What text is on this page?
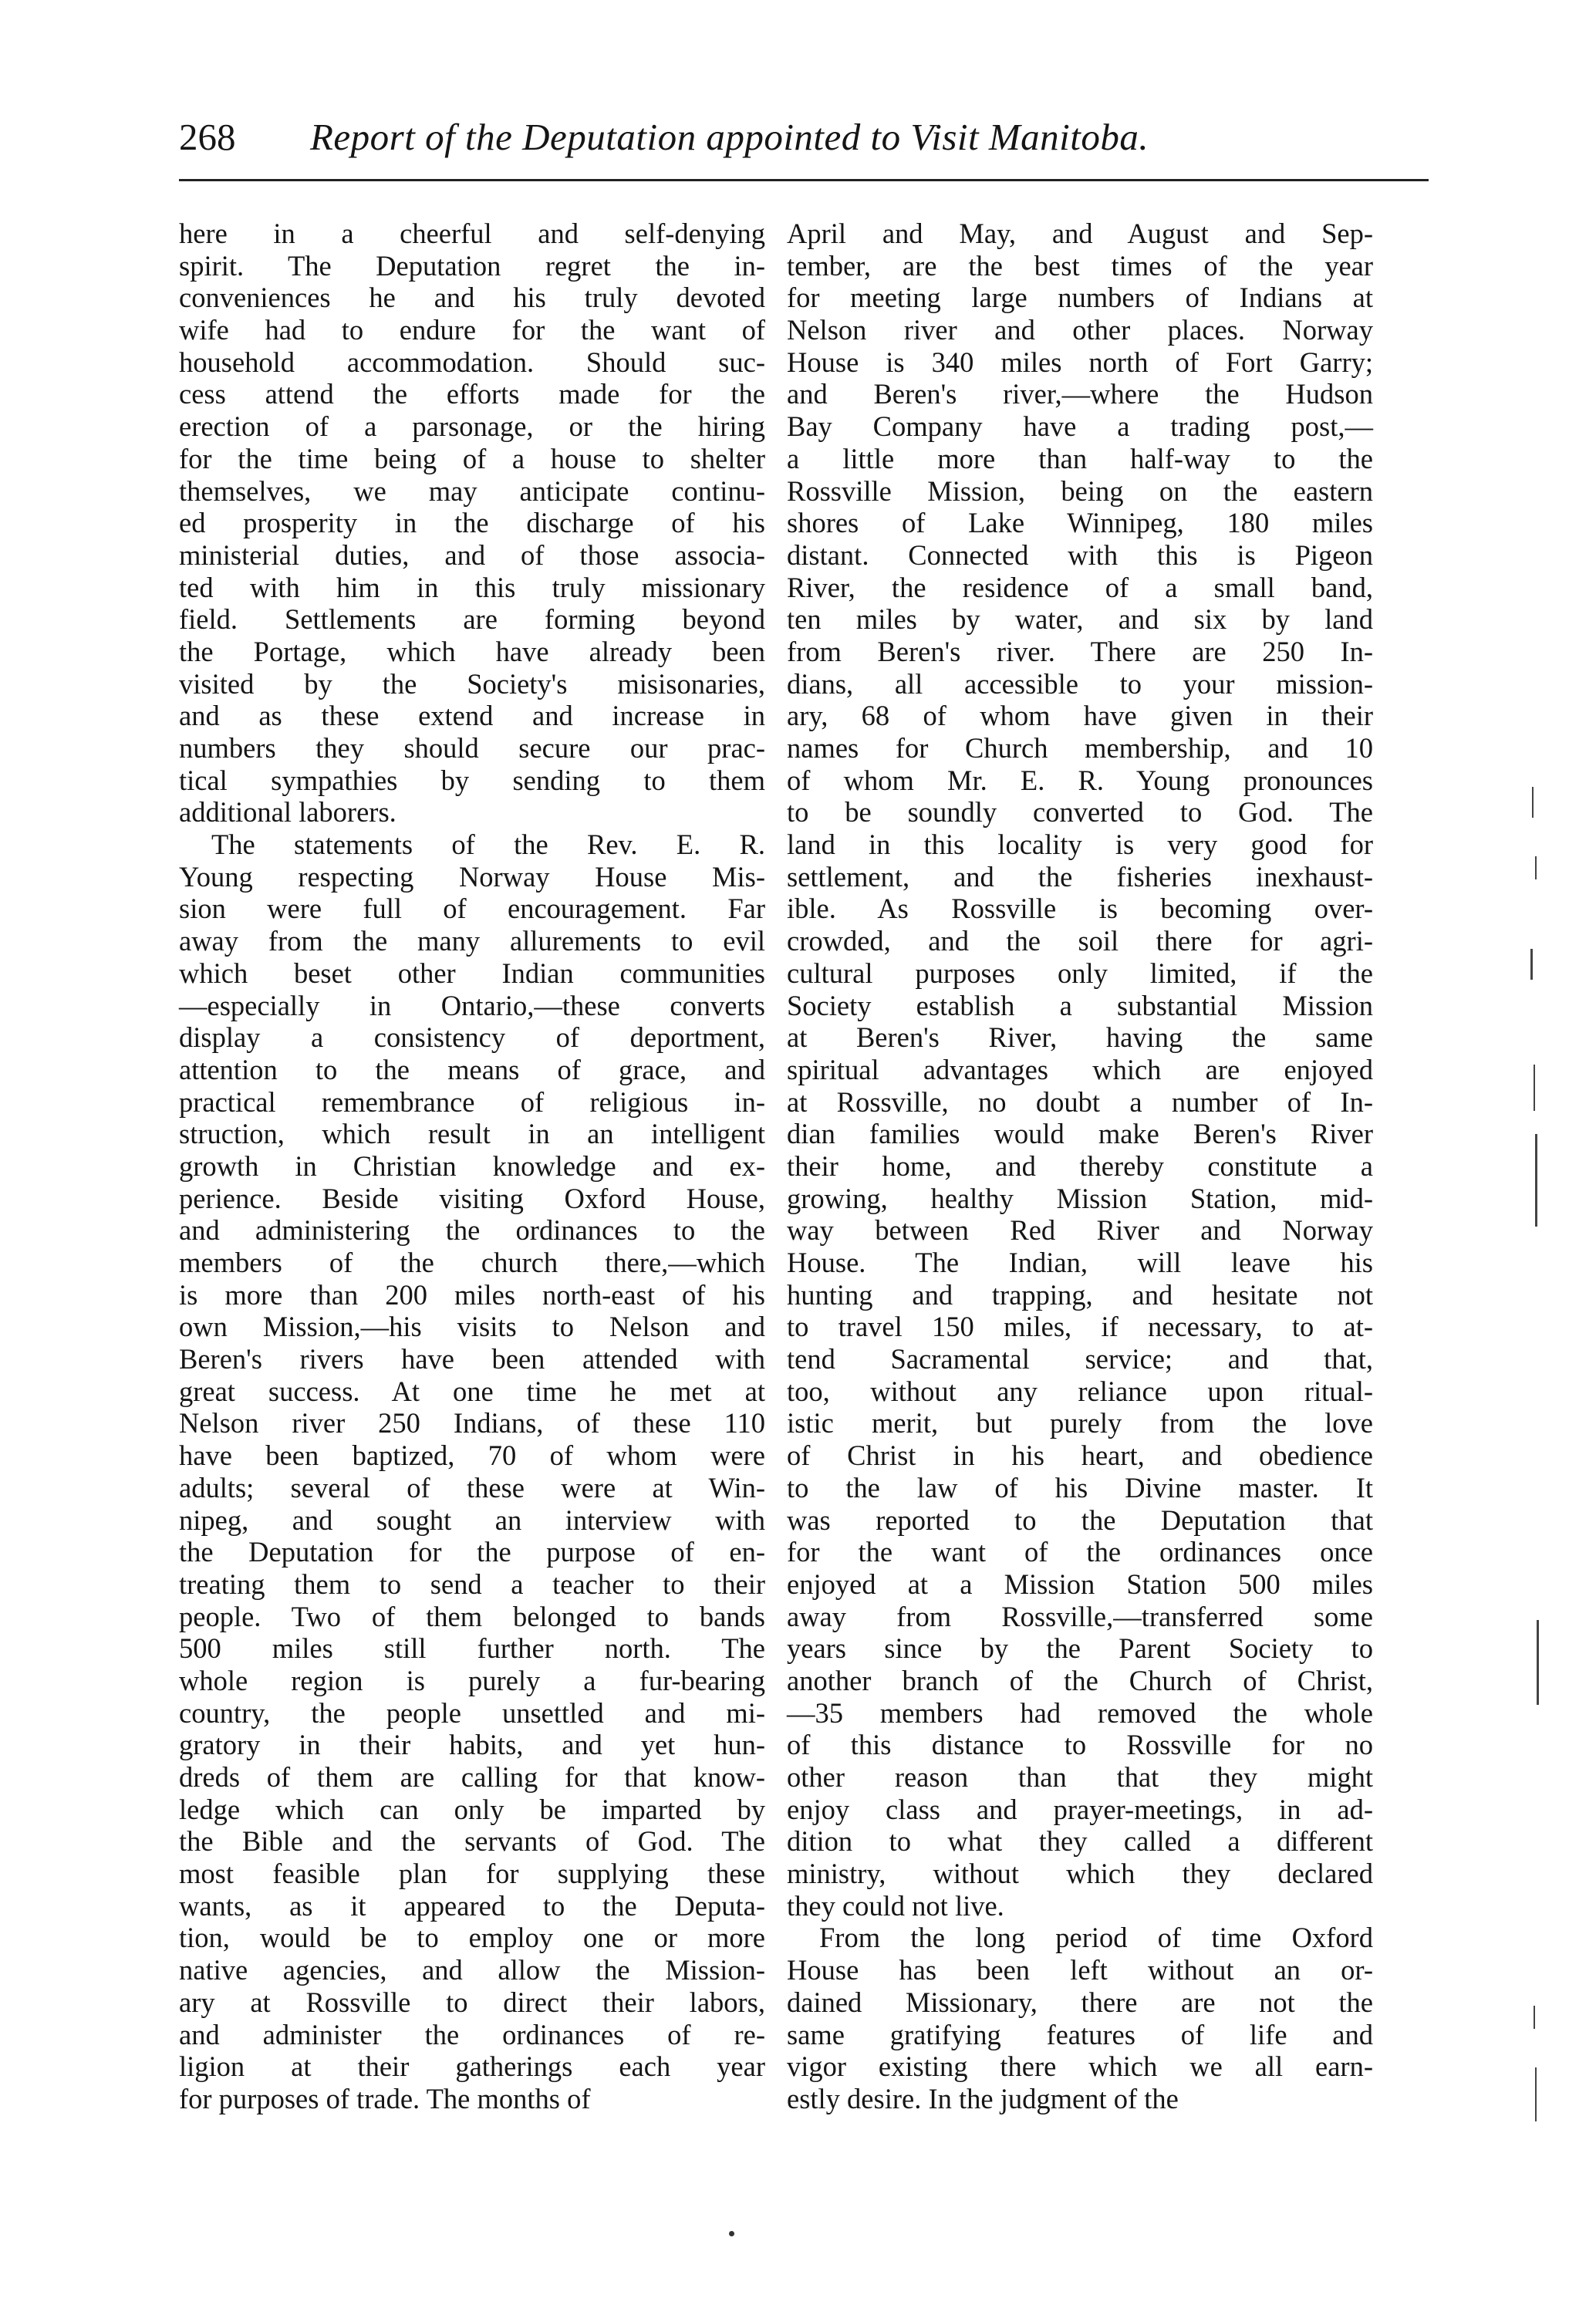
268 Report of the Deputation appointed to Visit Manitoba.
here in a cheerful and self-denying
spirit. The Deputation regret the in-
conveniences he and his truly devoted
wife had to endure for the want of
household accommodation. Should suc-
cess attend the efforts made for the
erection of a parsonage, or the hiring
for the time being of a house to shelter
themselves, we may anticipate continu-
ed prosperity in the discharge of his
ministerial duties, and of those associa-
ted with him in this truly missionary
field. Settlements are forming beyond
the Portage, which have already been
visited by the Society's misisonaries,
and as these extend and increase in
numbers they should secure our prac-
tical sympathies by sending to them
additional laborers.
The statements of the Rev. E. R.
Young respecting Norway House Mis-
sion were full of encouragement. Far
away from the many allurements to evil
which beset other Indian communities
—especially in Ontario,—these converts
display a consistency of deportment,
attention to the means of grace, and
practical remembrance of religious in-
struction, which result in an intelligent
growth in Christian knowledge and ex-
perience. Beside visiting Oxford House,
and administering the ordinances to the
members of the church there,—which
is more than 200 miles north-east of his
own Mission,—his visits to Nelson and
Beren's rivers have been attended with
great success. At one time he met at
Nelson river 250 Indians, of these 110
have been baptized, 70 of whom were
adults; several of these were at Win-
nipeg, and sought an interview with
the Deputation for the purpose of en-
treating them to send a teacher to their
people. Two of them belonged to bands
500 miles still further north. The
whole region is purely a fur-bearing
country, the people unsettled and mi-
gratory in their habits, and yet hun-
dreds of them are calling for that know-
ledge which can only be imparted by
the Bible and the servants of God. The
most feasible plan for supplying these
wants, as it appeared to the Deputa-
tion, would be to employ one or more
native agencies, and allow the Mission-
ary at Rossville to direct their labors,
and administer the ordinances of re-
ligion at their gatherings each year
for purposes of trade. The months of
April and May, and August and Sep-
tember, are the best times of the year
for meeting large numbers of Indians at
Nelson river and other places. Norway
House is 340 miles north of Fort Garry;
and Beren's river,—where the Hudson
Bay Company have a trading post,—
a little more than half-way to the
Rossville Mission, being on the eastern
shores of Lake Winnipeg, 180 miles
distant. Connected with this is Pigeon
River, the residence of a small band,
ten miles by water, and six by land
from Beren's river. There are 250 In-
dians, all accessible to your mission-
ary, 68 of whom have given in their
names for Church membership, and 10
of whom Mr. E. R. Young pronounces
to be soundly converted to God. The
land in this locality is very good for
settlement, and the fisheries inexhaust-
ible. As Rossville is becoming over-
crowded, and the soil there for agri-
cultural purposes only limited, if the
Society establish a substantial Mission
at Beren's River, having the same
spiritual advantages which are enjoyed
at Rossville, no doubt a number of In-
dian families would make Beren's River
their home, and thereby constitute a
growing, healthy Mission Station, mid-
way between Red River and Norway
House. The Indian, will leave his
hunting and trapping, and hesitate not
to travel 150 miles, if necessary, to at-
tend Sacramental service; and that,
too, without any reliance upon ritual-
istic merit, but purely from the love
of Christ in his heart, and obedience
to the law of his Divine master. It
was reported to the Deputation that
for the want of the ordinances once
enjoyed at a Mission Station 500 miles
away from Rossville,—transferred some
years since by the Parent Society to
another branch of the Church of Christ,
—35 members had removed the whole
of this distance to Rossville for no
other reason than that they might
enjoy class and prayer-meetings, in ad-
dition to what they called a different
ministry, without which they declared
they could not live.
From the long period of time Oxford
House has been left without an or-
dained Missionary, there are not the
same gratifying features of life and
vigor existing there which we all earn-
estly desire. In the judgment of the
